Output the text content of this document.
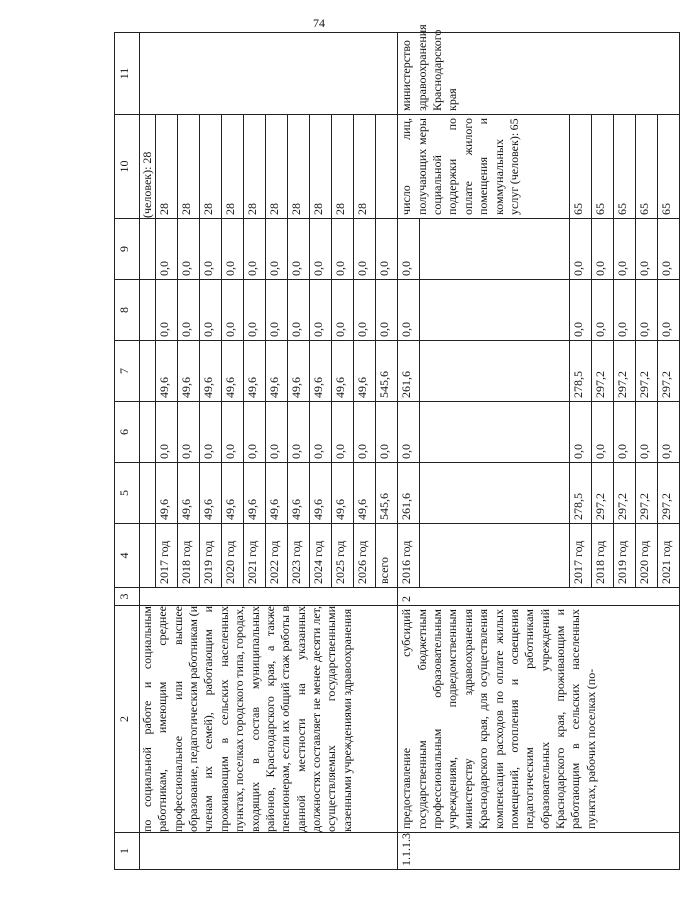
74
1	2	3	4	5	6	7	8	9	10	11
	по социальной работе и социальным работникам, имеющим среднее профессиональное или высшее образование, педагогическим работникам (и членам их семей), работающим и проживающим в сельских населенных пунктах, поселках городского типа, городах, входящих в состав муниципальных районов, Краснодарского края, а также пенсионерам, если их общий стаж работы в данной местности на указанных должностях составляет не менее десяти лет, осуществляемых государственными казенными учреждениями здравоохранения								(человек): 28	
			2017 год	49,6	0,0	49,6	0,0	0,0	28	
			2018 год	49,6	0,0	49,6	0,0	0,0	28	
			2019 год	49,6	0,0	49,6	0,0	0,0	28	
			2020 год	49,6	0,0	49,6	0,0	0,0	28	
			2021 год	49,6	0,0	49,6	0,0	0,0	28	
			2022 год	49,6	0,0	49,6	0,0	0,0	28	
			2023 год	49,6	0,0	49,6	0,0	0,0	28	
			2024 год	49,6	0,0	49,6	0,0	0,0	28	
			2025 год	49,6	0,0	49,6	0,0	0,0	28	
			2026 год	49,6	0,0	49,6	0,0	0,0	28	
			всего	545,6	0,0	545,6	0,0	0,0		
1.1.1.3	предоставление субсидий государственным бюджетным профессиональным образовательным учреждениям, подведомственным министерству здравоохранения Краснодарского края, для осуществления компенсации расходов по оплате жилых помещений, отопления и освещения педагогическим работникам образовательных учреждений Краснодарского края, проживающим и работающим в сельских населенных пунктах, рабочих поселках (по-	2	2016 год	261,6	0,0	261,6	0,0	0,0	число лиц, получающих меры социальной поддержки по оплате жилого помещения и коммунальных услуг (человек): 65	министерство здравоохранения Краснодарского края

			2017 год	278,5	0,0	278,5	0,0	0,0	65	
			2018 год	297,2	0,0	297,2	0,0	0,0	65	
			2019 год	297,2	0,0	297,2	0,0	0,0	65	
			2020 год	297,2	0,0	297,2	0,0	0,0	65	
			2021 год	297,2	0,0	297,2	0,0	0,0	65	
